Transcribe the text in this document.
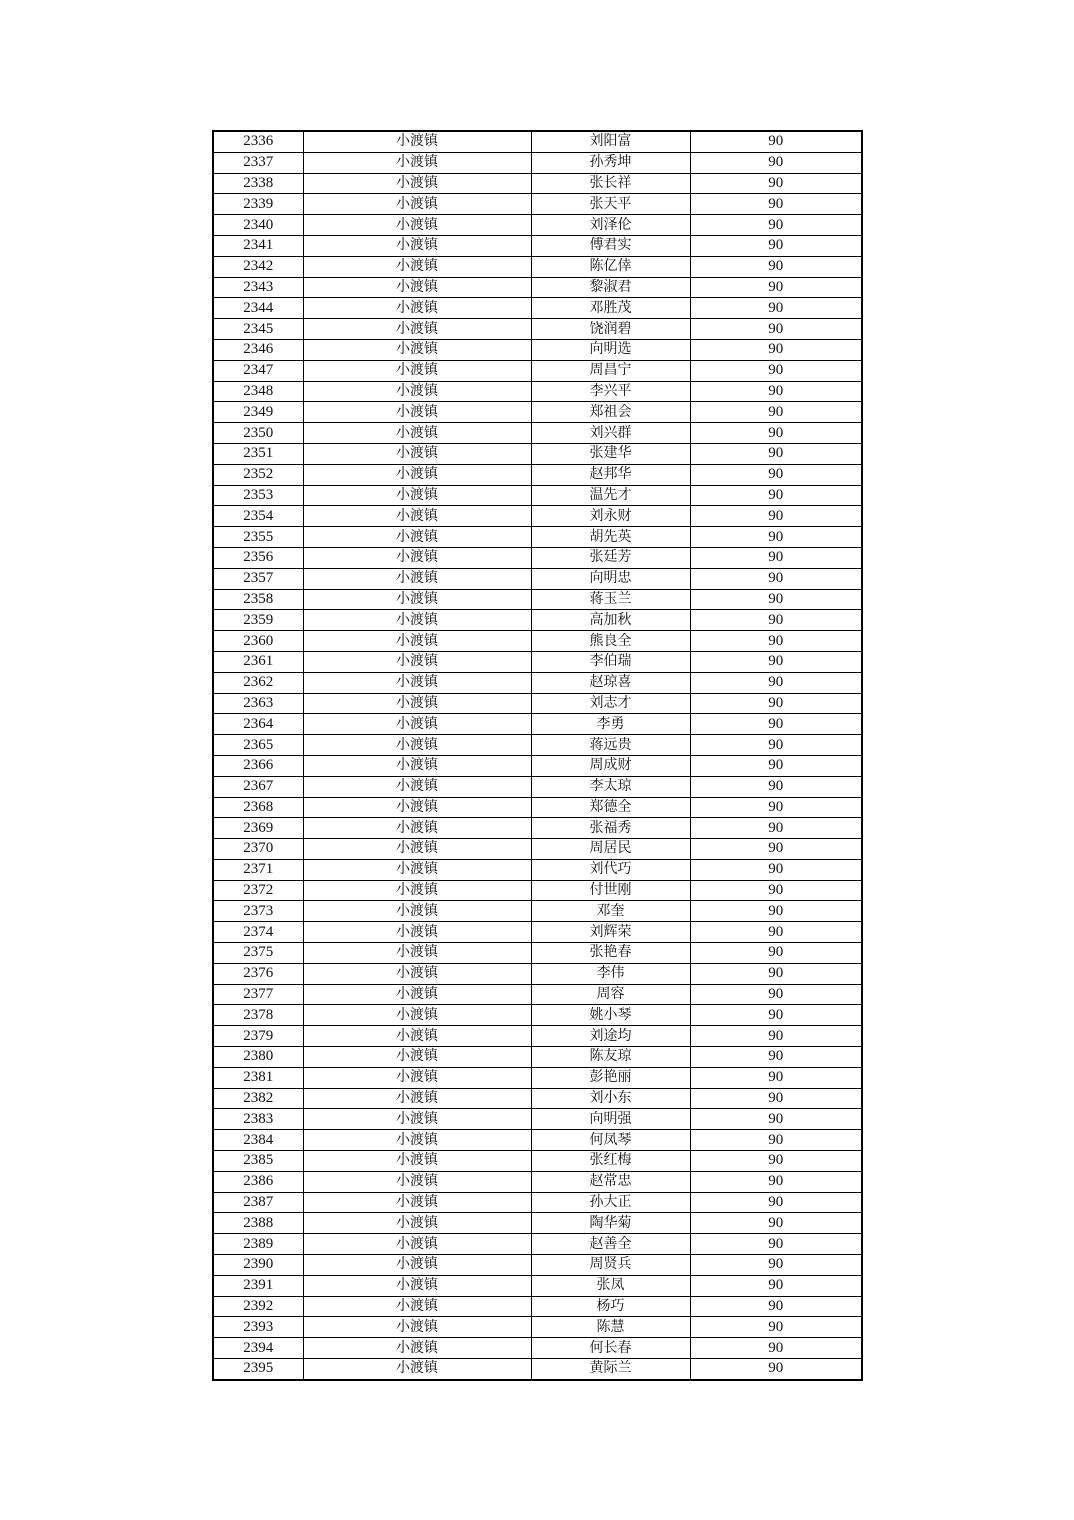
2336	小渡镇	刘阳富	90
2337	小渡镇	孙秀坤	90
2338	小渡镇	张长祥	90
2339	小渡镇	张天平	90
2340	小渡镇	刘泽伦	90
2341	小渡镇	傅君实	90
2342	小渡镇	陈亿倖	90
2343	小渡镇	黎淑君	90
2344	小渡镇	邓胜茂	90
2345	小渡镇	饶润碧	90
2346	小渡镇	向明选	90
2347	小渡镇	周昌宁	90
2348	小渡镇	李兴平	90
2349	小渡镇	郑祖会	90
2350	小渡镇	刘兴群	90
2351	小渡镇	张建华	90
2352	小渡镇	赵邦华	90
2353	小渡镇	温先才	90
2354	小渡镇	刘永财	90
2355	小渡镇	胡先英	90
2356	小渡镇	张廷芳	90
2357	小渡镇	向明忠	90
2358	小渡镇	蒋玉兰	90
2359	小渡镇	高加秋	90
2360	小渡镇	熊良全	90
2361	小渡镇	李伯瑞	90
2362	小渡镇	赵琼喜	90
2363	小渡镇	刘志才	90
2364	小渡镇	李勇	90
2365	小渡镇	蒋远贵	90
2366	小渡镇	周成财	90
2367	小渡镇	李太琼	90
2368	小渡镇	郑德全	90
2369	小渡镇	张福秀	90
2370	小渡镇	周居民	90
2371	小渡镇	刘代巧	90
2372	小渡镇	付世刚	90
2373	小渡镇	邓奎	90
2374	小渡镇	刘辉荣	90
2375	小渡镇	张艳春	90
2376	小渡镇	李伟	90
2377	小渡镇	周容	90
2378	小渡镇	姚小琴	90
2379	小渡镇	刘途均	90
2380	小渡镇	陈友琼	90
2381	小渡镇	彭艳丽	90
2382	小渡镇	刘小东	90
2383	小渡镇	向明强	90
2384	小渡镇	何凤琴	90
2385	小渡镇	张红梅	90
2386	小渡镇	赵常忠	90
2387	小渡镇	孙大正	90
2388	小渡镇	陶华菊	90
2389	小渡镇	赵善全	90
2390	小渡镇	周贤兵	90
2391	小渡镇	张凤	90
2392	小渡镇	杨巧	90
2393	小渡镇	陈慧	90
2394	小渡镇	何长春	90
2395	小渡镇	黄际兰	90
